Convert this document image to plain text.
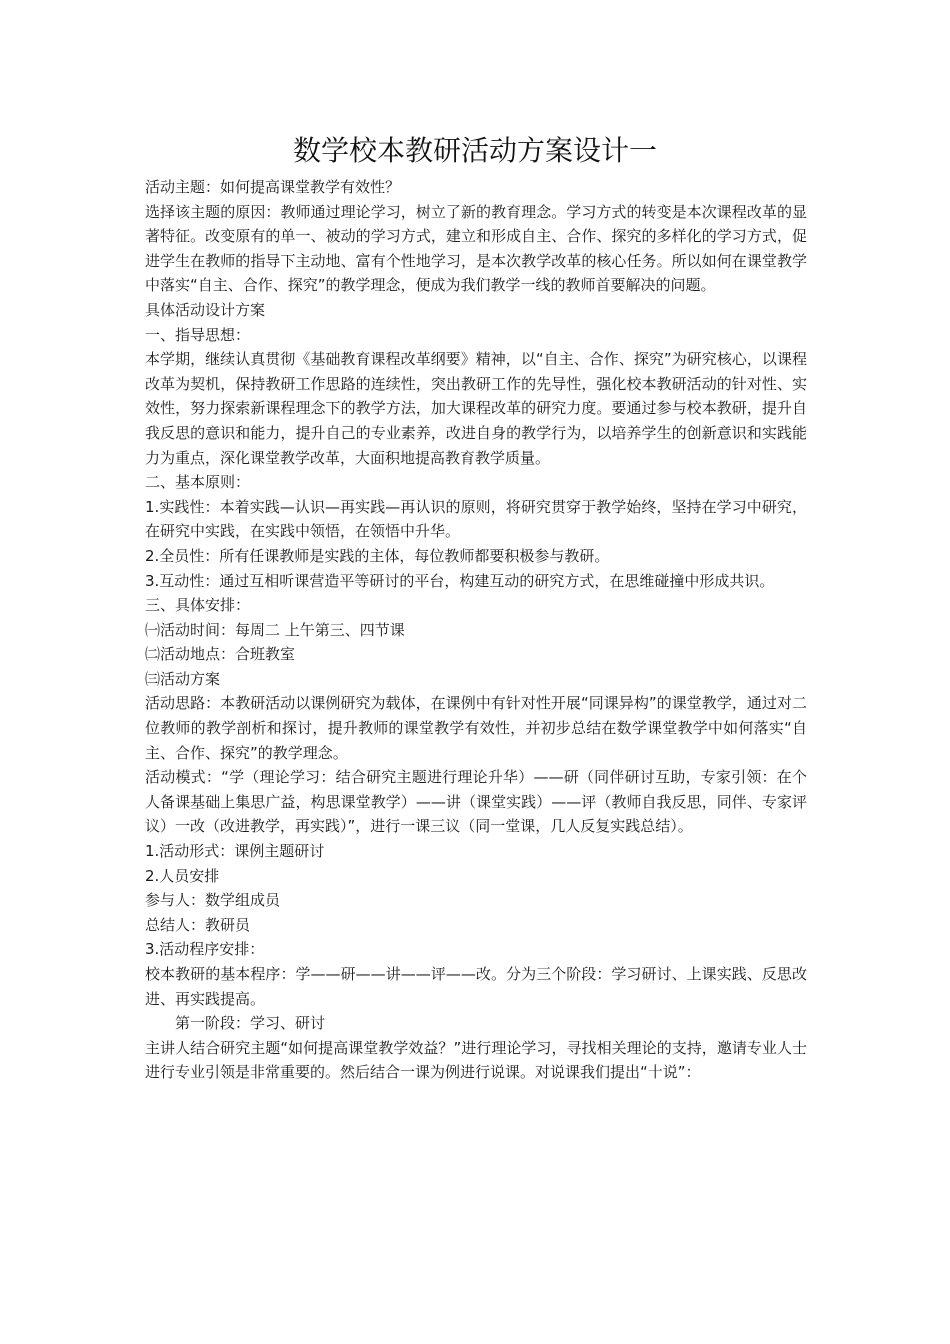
数学校本教研活动方案设计一

活动主题：如何提高课堂教学有效性？

选择该主题的原因：教师通过理论学习，树立了新的教育理念。学习方式的转变是本次课程改革的显著特征。改变原有的单一、被动的学习方式，建立和形成自主、合作、探究的多样化的学习方式，促进学生在教师的指导下主动地、富有个性地学习，是本次教学改革的核心任务。所以如何在课堂教学中落实“自主、合作、探究”的教学理念，便成为我们教学一线的教师首要解决的问题。

具体活动设计方案

一、指导思想：

本学期，继续认真贯彻《基础教育课程改革纲要》精神，以“自主、合作、探究”为研究核心，以课程改革为契机，保持教研工作思路的连续性，突出教研工作的先导性，强化校本教研活动的针对性、实效性，努力探索新课程理念下的教学方法，加大课程改革的研究力度。要通过参与校本教研，提升自我反思的意识和能力，提升自己的专业素养，改进自身的教学行为，以培养学生的创新意识和实践能力为重点，深化课堂教学改革，大面积地提高教育教学质量。

二、基本原则：

1.实践性：本着实践—认识—再实践—再认识的原则，将研究贯穿于教学始终，坚持在学习中研究，在研究中实践，在实践中领悟，在领悟中升华。

2.全员性：所有任课教师是实践的主体，每位教师都要积极参与教研。

3.互动性：通过互相听课营造平等研讨的平台，构建互动的研究方式，在思维碰撞中形成共识。

三、具体安排：

㈠活动时间：每周二 上午第三、四节课

㈡活动地点：合班教室

㈢活动方案

活动思路：本教研活动以课例研究为载体，在课例中有针对性开展“同课异构”的课堂教学，通过对二位教师的教学剖析和探讨，提升教师的课堂教学有效性，并初步总结在数学课堂教学中如何落实“自主、合作、探究”的教学理念。

活动模式：“学（理论学习：结合研究主题进行理论升华）——研（同伴研讨互助，专家引领：在个人备课基础上集思广益，构思课堂教学）——讲（课堂实践）——评（教师自我反思，同伴、专家评议）一改（改进教学，再实践）”，进行一课三议（同一堂课，几人反复实践总结）。

1.活动形式：课例主题研讨

2.人员安排

参与人：数学组成员

总结人：教研员

3.活动程序安排：

校本教研的基本程序：学——研——讲——评——改。分为三个阶段：学习研讨、上课实践、反思改进、再实践提高。

第一阶段：学习、研讨

主讲人结合研究主题“如何提高课堂教学效益？”进行理论学习，寻找相关理论的支持，邀请专业人士进行专业引领是非常重要的。然后结合一课为例进行说课。对说课我们提出“十说”：
